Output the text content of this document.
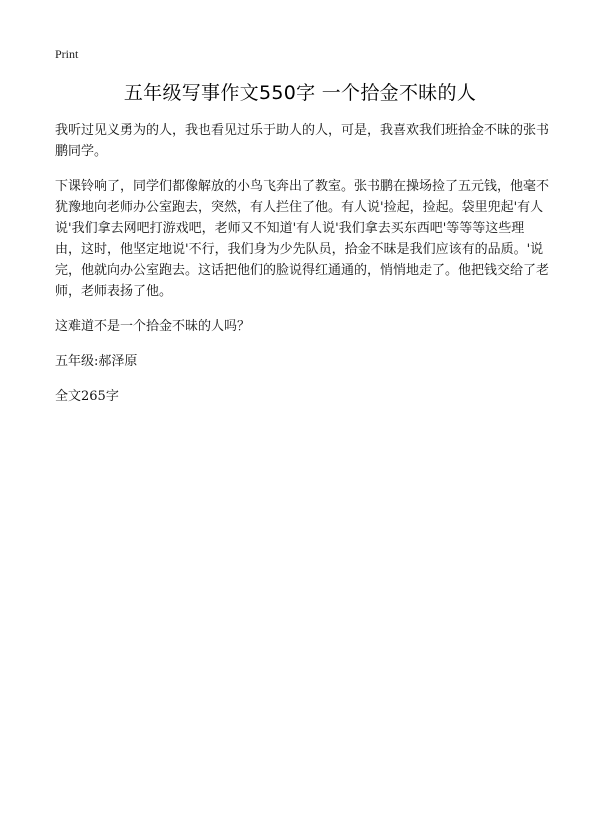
Print
五年级写事作文550字 一个拾金不昧的人

我听过见义勇为的人，我也看见过乐于助人的人，可是，我喜欢我们班拾金不昧的张书鹏同学。

下课铃响了，同学们都像解放的小鸟飞奔出了教室。张书鹏在操场捡了五元钱，他毫不犹豫地向老师办公室跑去，突然，有人拦住了他。有人说'捡起，捡起。袋里兜起'有人说'我们拿去网吧打游戏吧，老师又不知道'有人说'我们拿去买东西吧'等等等这些理由，这时，他坚定地说'不行，我们身为少先队员，拾金不昧是我们应该有的品质。'说完，他就向办公室跑去。这话把他们的脸说得红通通的，悄悄地走了。他把钱交给了老师，老师表扬了他。

这难道不是一个拾金不昧的人吗？

五年级:郝泽原

全文265字
